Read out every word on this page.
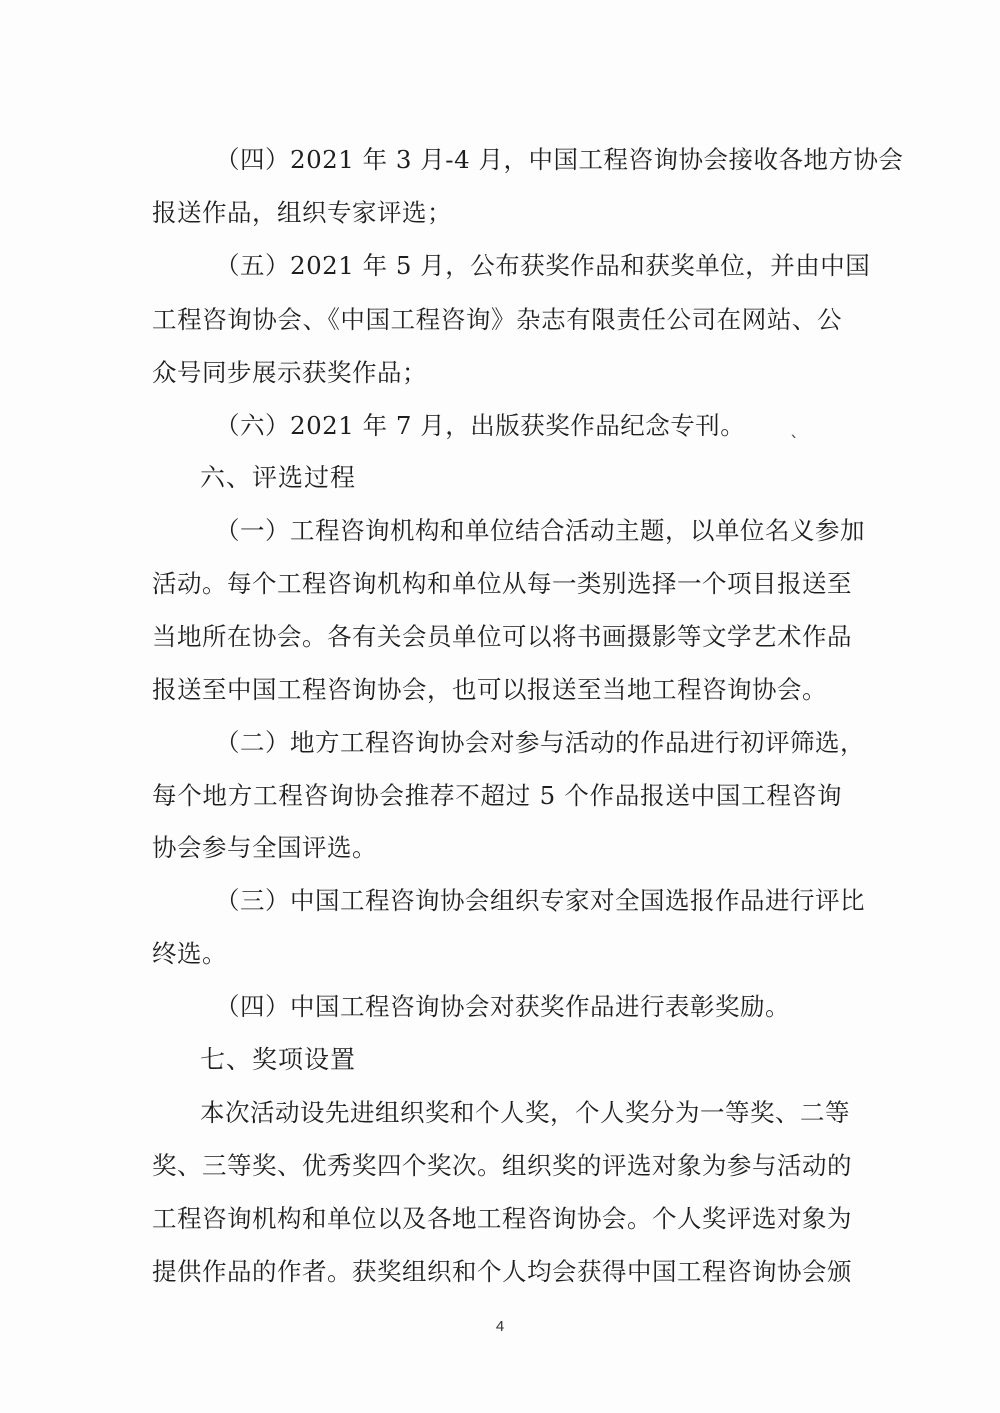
（四）2021 年 3 月-4 月，中国工程咨询协会接收各地方协会
报送作品，组织专家评选；
（五）2021 年 5 月，公布获奖作品和获奖单位，并由中国
工程咨询协会、《中国工程咨询》杂志有限责任公司在网站、公
众号同步展示获奖作品；
（六）2021 年 7 月，出版获奖作品纪念专刊。 ˎ
六、评选过程
（一）工程咨询机构和单位结合活动主题，以单位名义参加
活动。每个工程咨询机构和单位从每一类别选择一个项目报送至
当地所在协会。各有关会员单位可以将书画摄影等文学艺术作品
报送至中国工程咨询协会，也可以报送至当地工程咨询协会。
（二）地方工程咨询协会对参与活动的作品进行初评筛选，
每个地方工程咨询协会推荐不超过 5 个作品报送中国工程咨询
协会参与全国评选。
（三）中国工程咨询协会组织专家对全国选报作品进行评比
终选。
（四）中国工程咨询协会对获奖作品进行表彰奖励。
七、奖项设置
本次活动设先进组织奖和个人奖，个人奖分为一等奖、二等
奖、三等奖、优秀奖四个奖次。组织奖的评选对象为参与活动的
工程咨询机构和单位以及各地工程咨询协会。个人奖评选对象为
提供作品的作者。获奖组织和个人均会获得中国工程咨询协会颁
4
